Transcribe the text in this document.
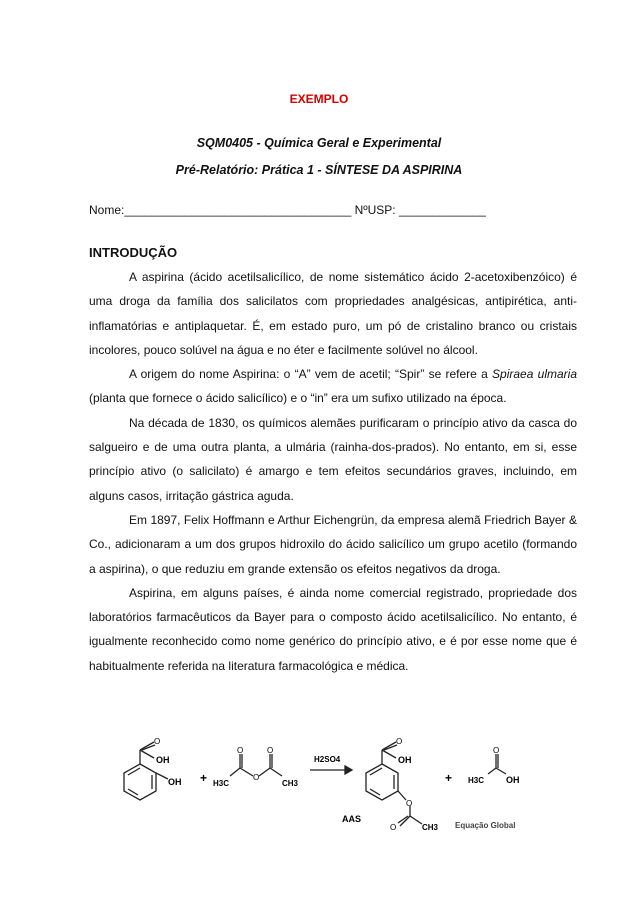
EXEMPLO
SQM0405 - Química Geral e Experimental
Pré-Relatório: Prática 1 - SÍNTESE DA ASPIRINA
Nome:__________________________________ NºUSP: _____________
INTRODUÇÃO

A aspirina (ácido acetilsalicílico, de nome sistemático ácido 2-acetoxibenzóico) é uma droga da família dos salicilatos com propriedades analgésicas, antipirética, anti-inflamatórias e antiplaquetar. É, em estado puro, um pó de cristalino branco ou cristais incolores, pouco solúvel na água e no éter e facilmente solúvel no álcool.

A origem do nome Aspirina: o “A” vem de acetil; “Spir” se refere a Spiraea ulmaria (planta que fornece o ácido salicílico) e o “in” era um sufixo utilizado na época.

Na década de 1830, os químicos alemães purificaram o princípio ativo da casca do salgueiro e de uma outra planta, a ulmária (rainha-dos-prados). No entanto, em si, esse princípio ativo (o salicilato) é amargo e tem efeitos secundários graves, incluindo, em alguns casos, irritação gástrica aguda.

Em 1897, Felix Hoffmann e Arthur Eichengrün, da empresa alemã Friedrich Bayer & Co., adicionaram a um dos grupos hidroxilo do ácido salicílico um grupo acetilo (formando a aspirina), o que reduziu em grande extensão os efeitos negativos da droga.

Aspirina, em alguns países, é ainda nome comercial registrado, propriedade dos laboratórios farmacêuticos da Bayer para o composto ácido acetilsalicílico. No entanto, é igualmente reconhecido como nome genérico do princípio ativo, e é por esse nome que é habitualmente referida na literatura farmacológica e médica.

O
OH
OH +
O	O
O
H3C	CH3
H2SO4
O
OH
O
O	CH3
AAS
+
O
H3C OH
Equação Global
